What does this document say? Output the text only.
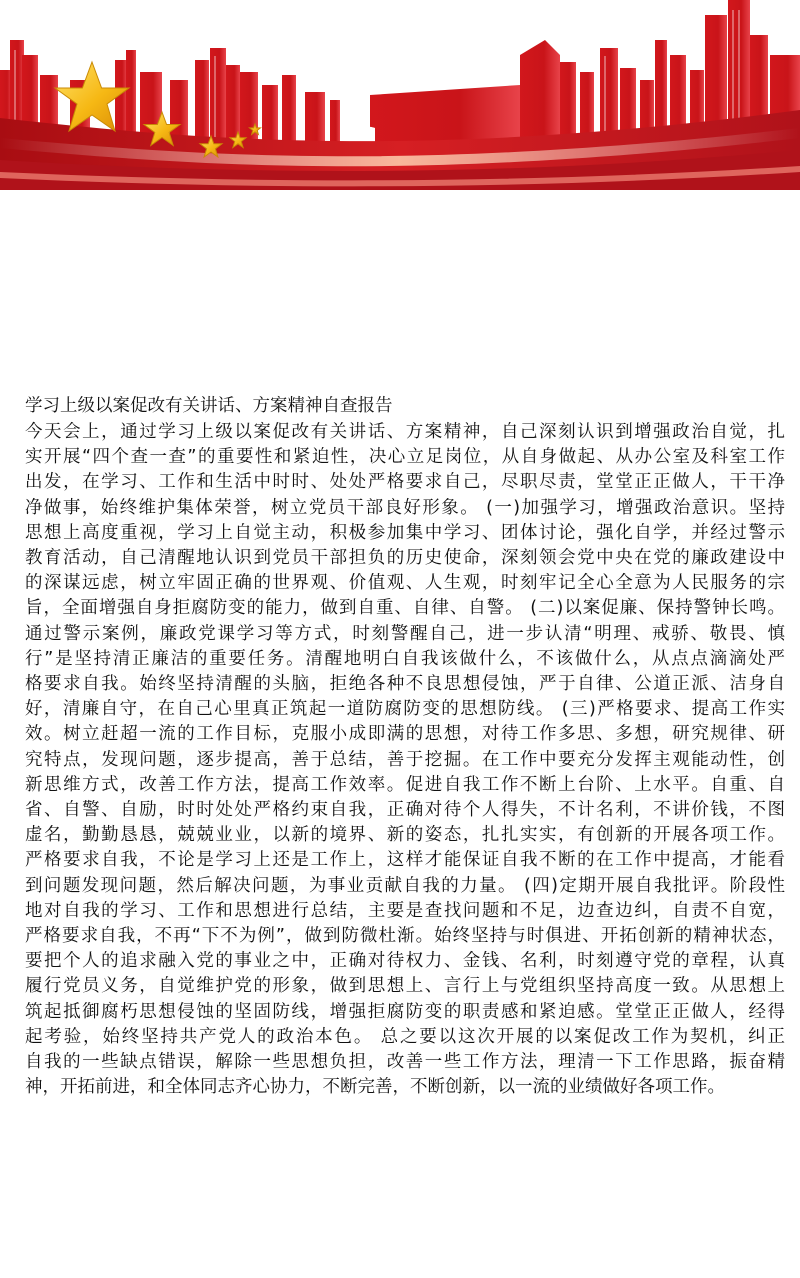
学习上级以案促改有关讲话、方案精神自查报告
今天会上，通过学习上级以案促改有关讲话、方案精神，自己深刻认识到增强政治自觉，扎
实开展“四个查一查”的重要性和紧迫性，决心立足岗位，从自身做起、从办公室及科室工作
出发，在学习、工作和生活中时时、处处严格要求自己，尽职尽责，堂堂正正做人，干干净
净做事，始终维护集体荣誉，树立党员干部良好形象。 (一)加强学习，增强政治意识。坚持
思想上高度重视，学习上自觉主动，积极参加集中学习、团体讨论，强化自学，并经过警示
教育活动，自己清醒地认识到党员干部担负的历史使命，深刻领会党中央在党的廉政建设中
的深谋远虑，树立牢固正确的世界观、价值观、人生观，时刻牢记全心全意为人民服务的宗
旨，全面增强自身拒腐防变的能力，做到自重、自律、自警。 (二)以案促廉、保持警钟长鸣。
通过警示案例，廉政党课学习等方式，时刻警醒自己，进一步认清“明理、戒骄、敬畏、慎
行”是坚持清正廉洁的重要任务。清醒地明白自我该做什么，不该做什么，从点点滴滴处严
格要求自我。始终坚持清醒的头脑，拒绝各种不良思想侵蚀，严于自律、公道正派、洁身自
好，清廉自守，在自己心里真正筑起一道防腐防变的思想防线。 (三)严格要求、提高工作实
效。树立赶超一流的工作目标，克服小成即满的思想，对待工作多思、多想，研究规律、研
究特点，发现问题，逐步提高，善于总结，善于挖掘。在工作中要充分发挥主观能动性，创
新思维方式，改善工作方法，提高工作效率。促进自我工作不断上台阶、上水平。自重、自
省、自警、自励，时时处处严格约束自我，正确对待个人得失，不计名利，不讲价钱，不图
虚名，勤勤恳恳，兢兢业业，以新的境界、新的姿态，扎扎实实，有创新的开展各项工作。
严格要求自我，不论是学习上还是工作上，这样才能保证自我不断的在工作中提高，才能看
到问题发现问题，然后解决问题，为事业贡献自我的力量。 (四)定期开展自我批评。阶段性
地对自我的学习、工作和思想进行总结，主要是查找问题和不足，边查边纠，自责不自宽，
严格要求自我，不再“下不为例”，做到防微杜渐。始终坚持与时俱进、开拓创新的精神状态，
要把个人的追求融入党的事业之中，正确对待权力、金钱、名利，时刻遵守党的章程，认真
履行党员义务，自觉维护党的形象，做到思想上、言行上与党组织坚持高度一致。从思想上
筑起抵御腐朽思想侵蚀的坚固防线，增强拒腐防变的职责感和紧迫感。堂堂正正做人，经得
起考验，始终坚持共产党人的政治本色。 总之要以这次开展的以案促改工作为契机，纠正
自我的一些缺点错误，解除一些思想负担，改善一些工作方法，理清一下工作思路，振奋精
神，开拓前进，和全体同志齐心协力，不断完善，不断创新，以一流的业绩做好各项工作。
